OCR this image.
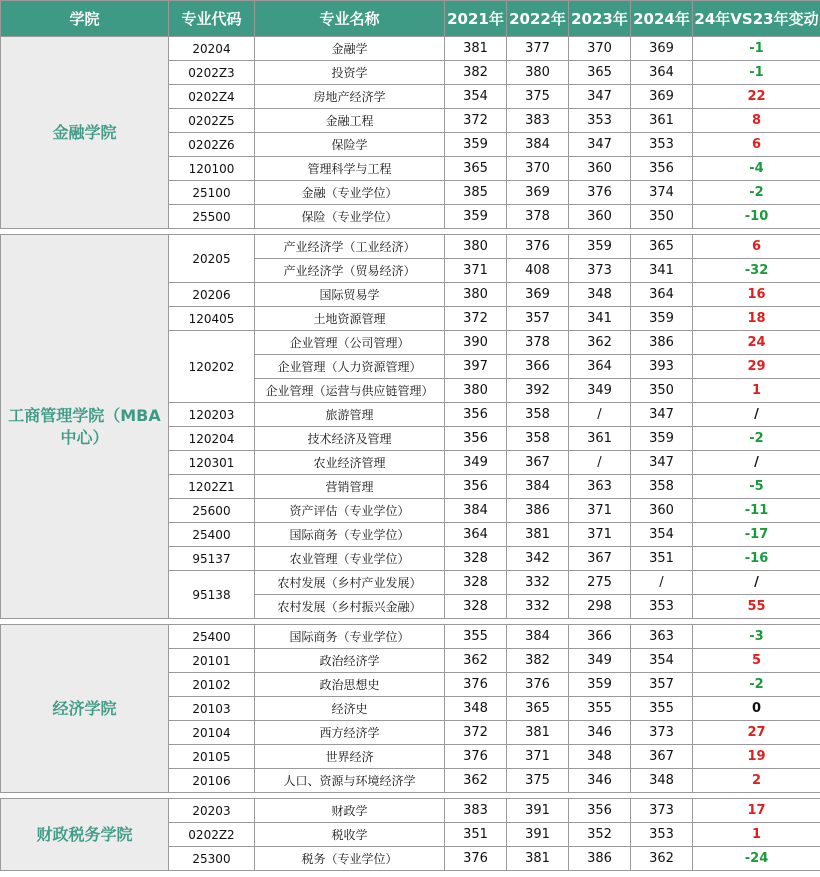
学院	专业代码	专业名称	2021年	2022年	2023年	2024年	24年VS23年变动
金融学院	20204	金融学	381	377	370	369	-1
	0202Z3	投资学	382	380	365	364	-1
	0202Z4	房地产经济学	354	375	347	369	22
	0202Z5	金融工程	372	383	353	361	8
	0202Z6	保险学	359	384	347	353	6
	120100	管理科学与工程	365	370	360	356	-4
	25100	金融（专业学位）	385	369	376	374	-2
	25500	保险（专业学位）	359	378	360	350	-10

工商管理学院（MBA中心）	20205	产业经济学（工业经济）	380	376	359	365	6
		产业经济学（贸易经济）	371	408	373	341	-32
	20206	国际贸易学	380	369	348	364	16
	120405	土地资源管理	372	357	341	359	18
	120202	企业管理（公司管理）	390	378	362	386	24
		企业管理（人力资源管理）	397	366	364	393	29
		企业管理（运营与供应链管理）	380	392	349	350	1
	120203	旅游管理	356	358	/	347	/
	120204	技术经济及管理	356	358	361	359	-2
	120301	农业经济管理	349	367	/	347	/
	1202Z1	营销管理	356	384	363	358	-5
	25600	资产评估（专业学位）	384	386	371	360	-11
	25400	国际商务（专业学位）	364	381	371	354	-17
	95137	农业管理（专业学位）	328	342	367	351	-16
	95138	农村发展（乡村产业发展）	328	332	275	/	/
		农村发展（乡村振兴金融）	328	332	298	353	55

经济学院	25400	国际商务（专业学位）	355	384	366	363	-3
	20101	政治经济学	362	382	349	354	5
	20102	政治思想史	376	376	359	357	-2
	20103	经济史	348	365	355	355	0
	20104	西方经济学	372	381	346	373	27
	20105	世界经济	376	371	348	367	19
	20106	人口、资源与环境经济学	362	375	346	348	2

财政税务学院	20203	财政学	383	391	356	373	17
	0202Z2	税收学	351	391	352	353	1
	25300	税务（专业学位）	376	381	386	362	-24
